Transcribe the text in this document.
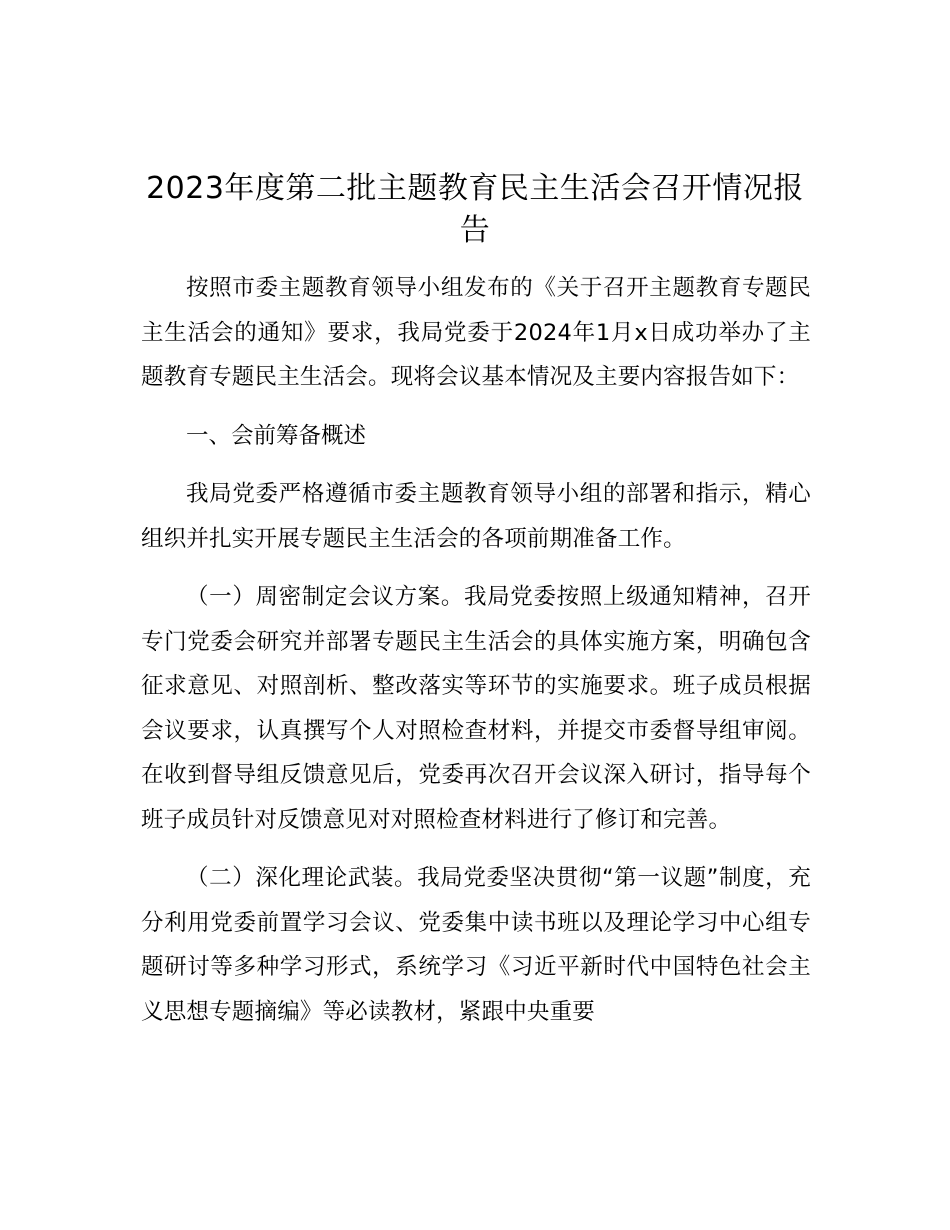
2023年度第二批主题教育民主生活会召开情况报告

按照市委主题教育领导小组发布的《关于召开主题教育专题民主生活会的通知》要求，我局党委于2024年1月x日成功举办了主题教育专题民主生活会。现将会议基本情况及主要内容报告如下：

一、会前筹备概述

我局党委严格遵循市委主题教育领导小组的部署和指示，精心组织并扎实开展专题民主生活会的各项前期准备工作。

（一）周密制定会议方案。我局党委按照上级通知精神，召开专门党委会研究并部署专题民主生活会的具体实施方案，明确包含征求意见、对照剖析、整改落实等环节的实施要求。班子成员根据会议要求，认真撰写个人对照检查材料，并提交市委督导组审阅。在收到督导组反馈意见后，党委再次召开会议深入研讨，指导每个班子成员针对反馈意见对对照检查材料进行了修订和完善。

（二）深化理论武装。我局党委坚决贯彻“第一议题”制度，充分利用党委前置学习会议、党委集中读书班以及理论学习中心组专题研讨等多种学习形式，系统学习《习近平新时代中国特色社会主义思想专题摘编》等必读教材，紧跟中央重要
